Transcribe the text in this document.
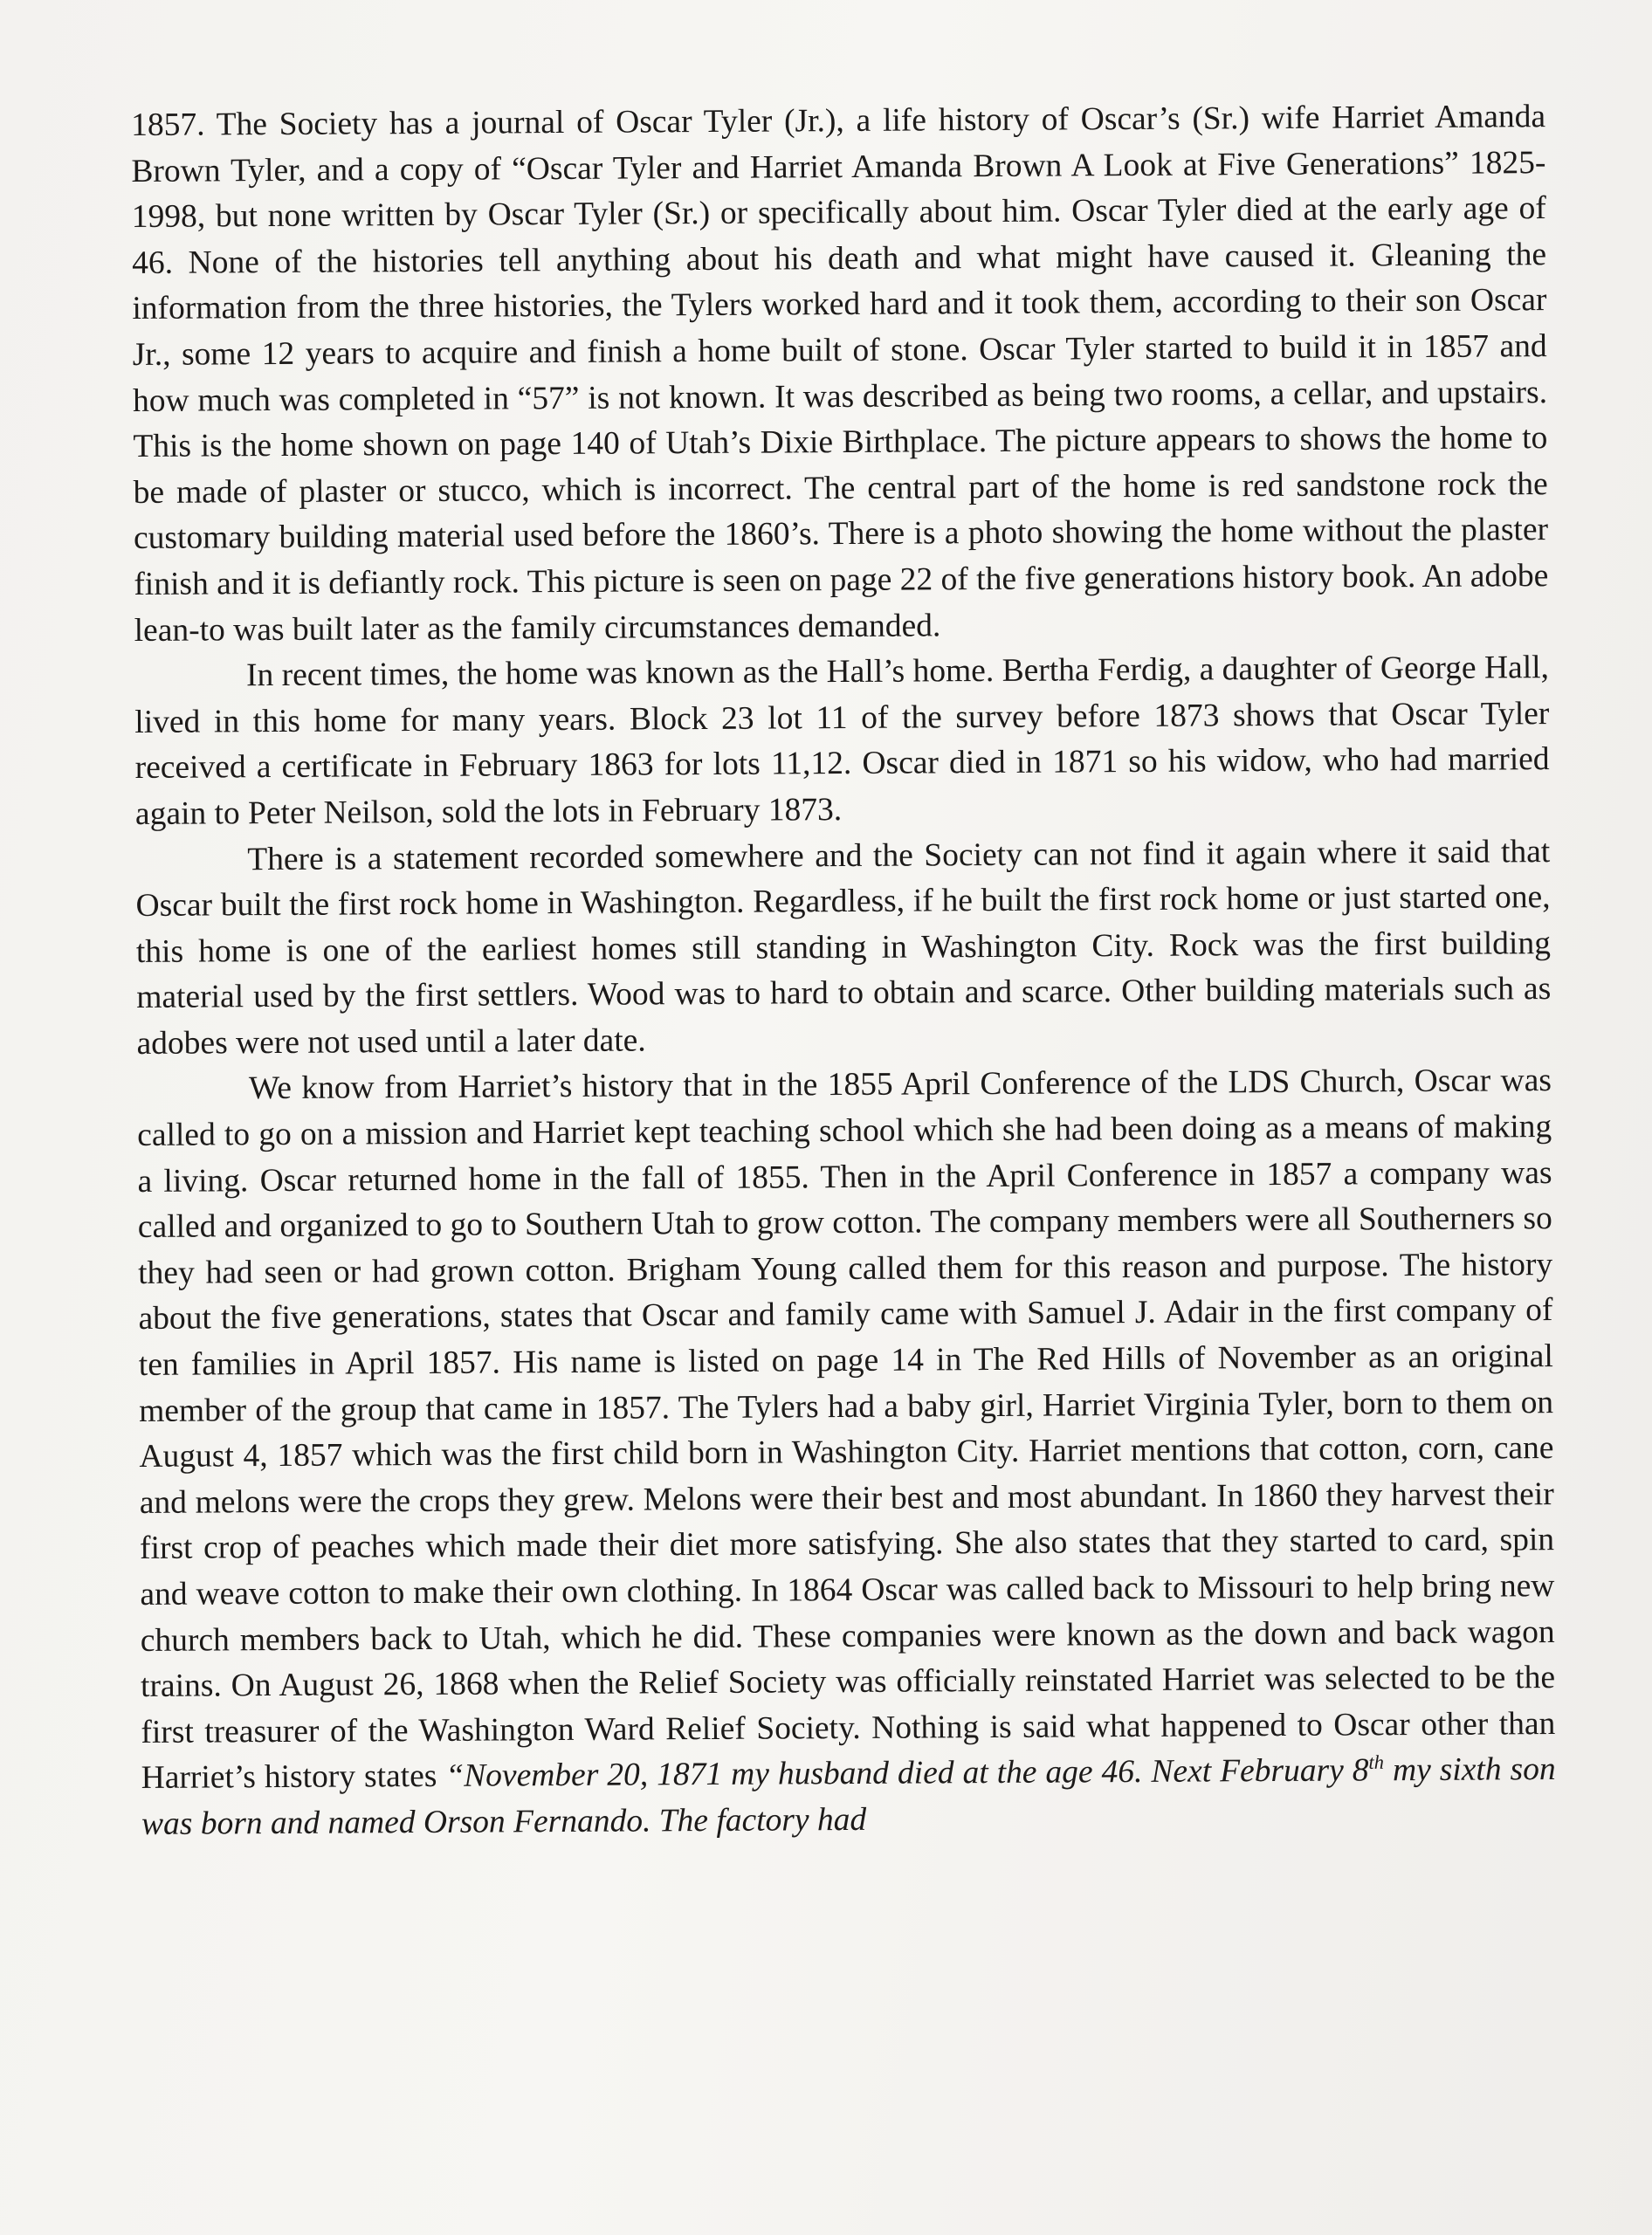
1857. The Society has a journal of Oscar Tyler (Jr.), a life history of Oscar’s (Sr.) wife Harriet Amanda Brown Tyler, and a copy of “Oscar Tyler and Harriet Amanda Brown A Look at Five Generations” 1825-1998, but none written by Oscar Tyler (Sr.) or specifically about him. Oscar Tyler died at the early age of 46. None of the histories tell anything about his death and what might have caused it. Gleaning the information from the three histories, the Tylers worked hard and it took them, according to their son Oscar Jr., some 12 years to acquire and finish a home built of stone. Oscar Tyler started to build it in 1857 and how much was completed in “57” is not known. It was described as being two rooms, a cellar, and upstairs. This is the home shown on page 140 of Utah’s Dixie Birthplace. The picture appears to shows the home to be made of plaster or stucco, which is incorrect. The central part of the home is red sandstone rock the customary building material used before the 1860’s. There is a photo showing the home without the plaster finish and it is defiantly rock. This picture is seen on page 22 of the five generations history book. An adobe lean-to was built later as the family circumstances demanded.

In recent times, the home was known as the Hall’s home. Bertha Ferdig, a daughter of George Hall, lived in this home for many years. Block 23 lot 11 of the survey before 1873 shows that Oscar Tyler received a certificate in February 1863 for lots 11,12. Oscar died in 1871 so his widow, who had married again to Peter Neilson, sold the lots in February 1873.

There is a statement recorded somewhere and the Society can not find it again where it said that Oscar built the first rock home in Washington. Regardless, if he built the first rock home or just started one, this home is one of the earliest homes still standing in Washington City. Rock was the first building material used by the first settlers. Wood was to hard to obtain and scarce. Other building materials such as adobes were not used until a later date.

We know from Harriet’s history that in the 1855 April Conference of the LDS Church, Oscar was called to go on a mission and Harriet kept teaching school which she had been doing as a means of making a living. Oscar returned home in the fall of 1855. Then in the April Conference in 1857 a company was called and organized to go to Southern Utah to grow cotton. The company members were all Southerners so they had seen or had grown cotton. Brigham Young called them for this reason and purpose. The history about the five generations, states that Oscar and family came with Samuel J. Adair in the first company of ten families in April 1857. His name is listed on page 14 in The Red Hills of November as an original member of the group that came in 1857. The Tylers had a baby girl, Harriet Virginia Tyler, born to them on August 4, 1857 which was the first child born in Washington City. Harriet mentions that cotton, corn, cane and melons were the crops they grew. Melons were their best and most abundant. In 1860 they harvest their first crop of peaches which made their diet more satisfying. She also states that they started to card, spin and weave cotton to make their own clothing. In 1864 Oscar was called back to Missouri to help bring new church members back to Utah, which he did. These companies were known as the down and back wagon trains. On August 26, 1868 when the Relief Society was officially reinstated Harriet was selected to be the first treasurer of the Washington Ward Relief Society. Nothing is said what happened to Oscar other than Harriet’s history states “November 20, 1871 my husband died at the age 46. Next February 8th my sixth son was born and named Orson Fernando. The factory had
